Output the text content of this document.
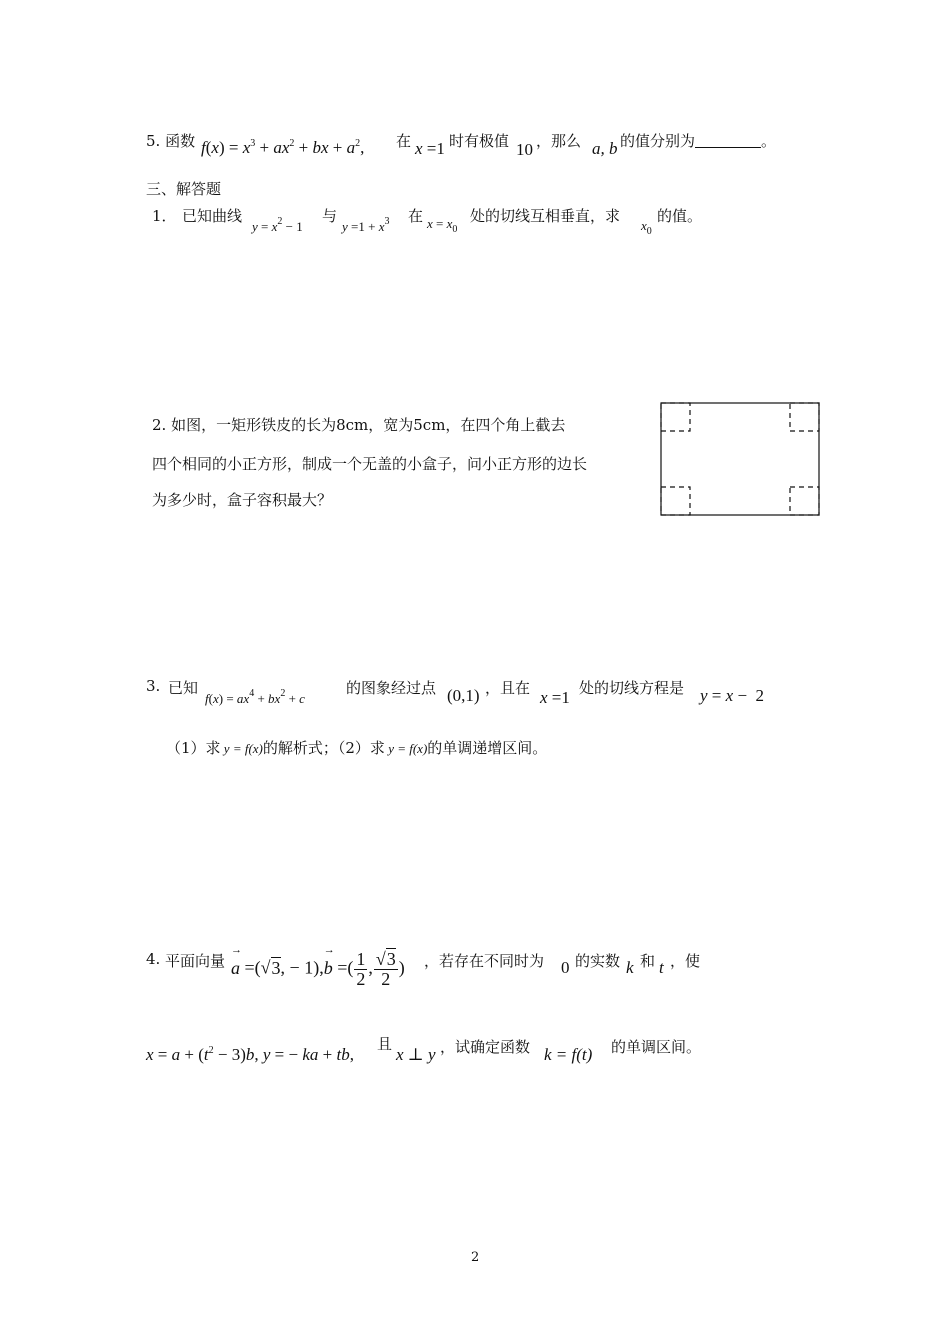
5. 函数 $f(x) = x^3 + ax^2$ + bx + $a^2$, 在 x =1 时有极值 10 ，那么 a, b 的值分别为	。
三、解答题
1． 已知曲线
$y = x^2 - 1$
与
$y =1 + x^3$ 在 $x = x_0$
处的切线互相垂直，求
$x_0$
的值。
2. 如图，一矩形铁皮的长为8cm，宽为5cm，在四个角上截去
四个相同的小正方形，制成一个无盖的小盒子，问小正方形的边长
为多少时，盒子容积最大？
3. 已知
$f(x) = ax^4 + bx^2 + c$
的图象经过点 (0,1) ，且在 x =1 处的切线方程是 y = x −  2
（1）求 y = f(x)的解析式；（2）求 y = f(x)的单调递增区间。
4. 平面向量
→ a =(√3, − 1),→ b =( $\frac{1}{2}$ , $\frac{√3}{2}$ ) ，若存在不同时为 0 的实数 k 和 t ，使
$x = a + (t^2 - 3)b$, y = − ka + tb,
且
x ⊥ y ，试确定函数 k = f(t) 的单调区间。
2
